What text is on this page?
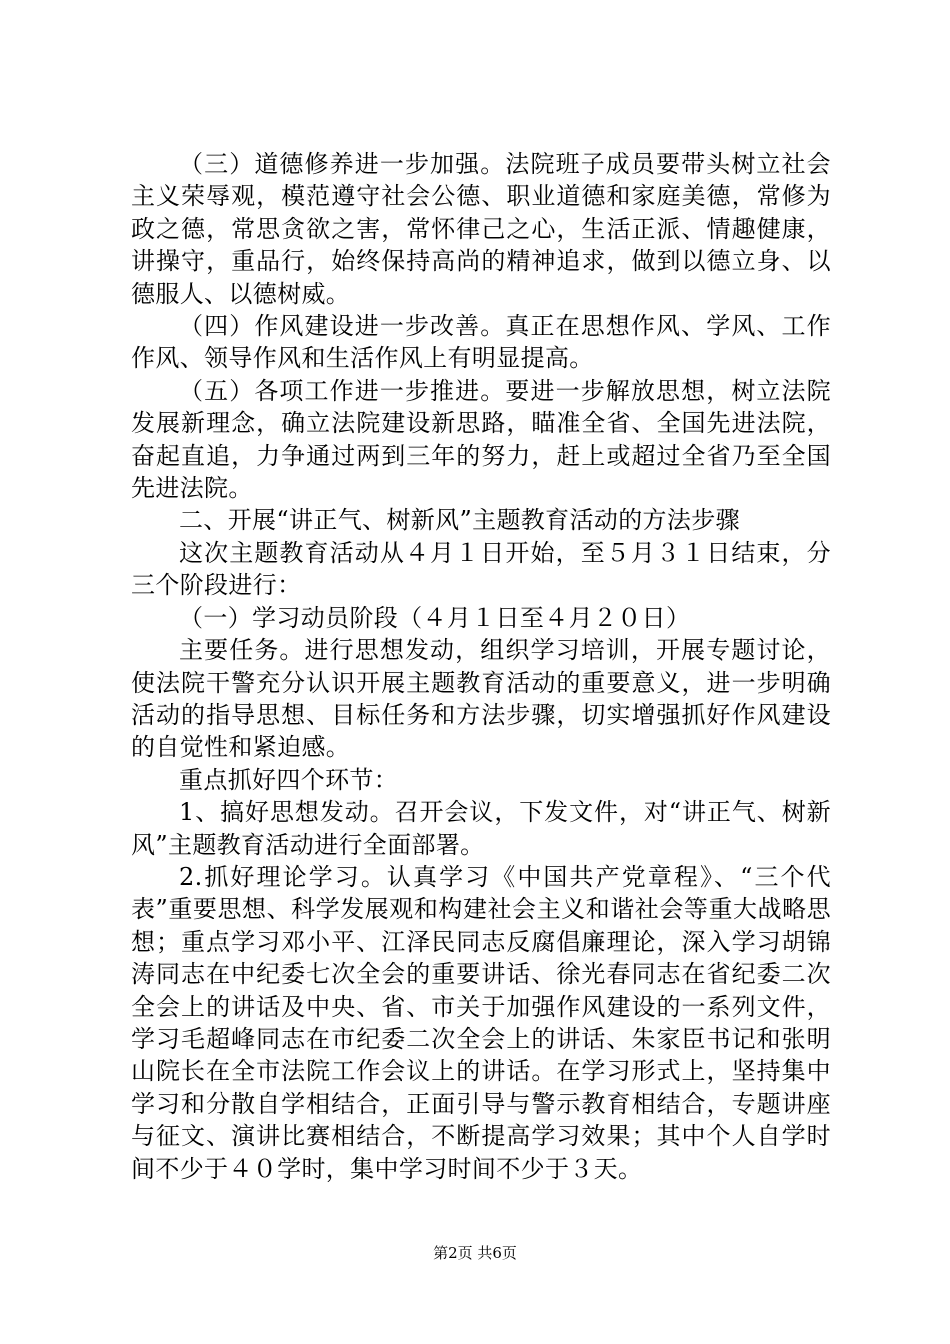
（三）道德修养进一步加强。法院班子成员要带头树立社会主义荣辱观，模范遵守社会公德、职业道德和家庭美德，常修为政之德，常思贪欲之害，常怀律己之心，生活正派、情趣健康，讲操守，重品行，始终保持高尚的精神追求，做到以德立身、以德服人、以德树威。

（四）作风建设进一步改善。真正在思想作风、学风、工作作风、领导作风和生活作风上有明显提高。

（五）各项工作进一步推进。要进一步解放思想，树立法院发展新理念，确立法院建设新思路，瞄准全省、全国先进法院，奋起直追，力争通过两到三年的努力，赶上或超过全省乃至全国先进法院。

二、开展“讲正气、树新风”主题教育活动的方法步骤

这次主题教育活动从４月１日开始，至５月３１日结束，分三个阶段进行：

（一）学习动员阶段（４月１日至４月２０日）

主要任务。进行思想发动，组织学习培训，开展专题讨论，使法院干警充分认识开展主题教育活动的重要意义，进一步明确活动的指导思想、目标任务和方法步骤，切实增强抓好作风建设的自觉性和紧迫感。

重点抓好四个环节：

1、搞好思想发动。召开会议，下发文件，对“讲正气、树新风”主题教育活动进行全面部署。

2.抓好理论学习。认真学习《中国共产党章程》、“三个代表”重要思想、科学发展观和构建社会主义和谐社会等重大战略思想；重点学习邓小平、江泽民同志反腐倡廉理论，深入学习胡锦涛同志在中纪委七次全会的重要讲话、徐光春同志在省纪委二次全会上的讲话及中央、省、市关于加强作风建设的一系列文件，学习毛超峰同志在市纪委二次全会上的讲话、朱家臣书记和张明山院长在全市法院工作会议上的讲话。在学习形式上，坚持集中学习和分散自学相结合，正面引导与警示教育相结合，专题讲座与征文、演讲比赛相结合，不断提高学习效果；其中个人自学时间不少于４０学时，集中学习时间不少于３天。

第2页 共6页
